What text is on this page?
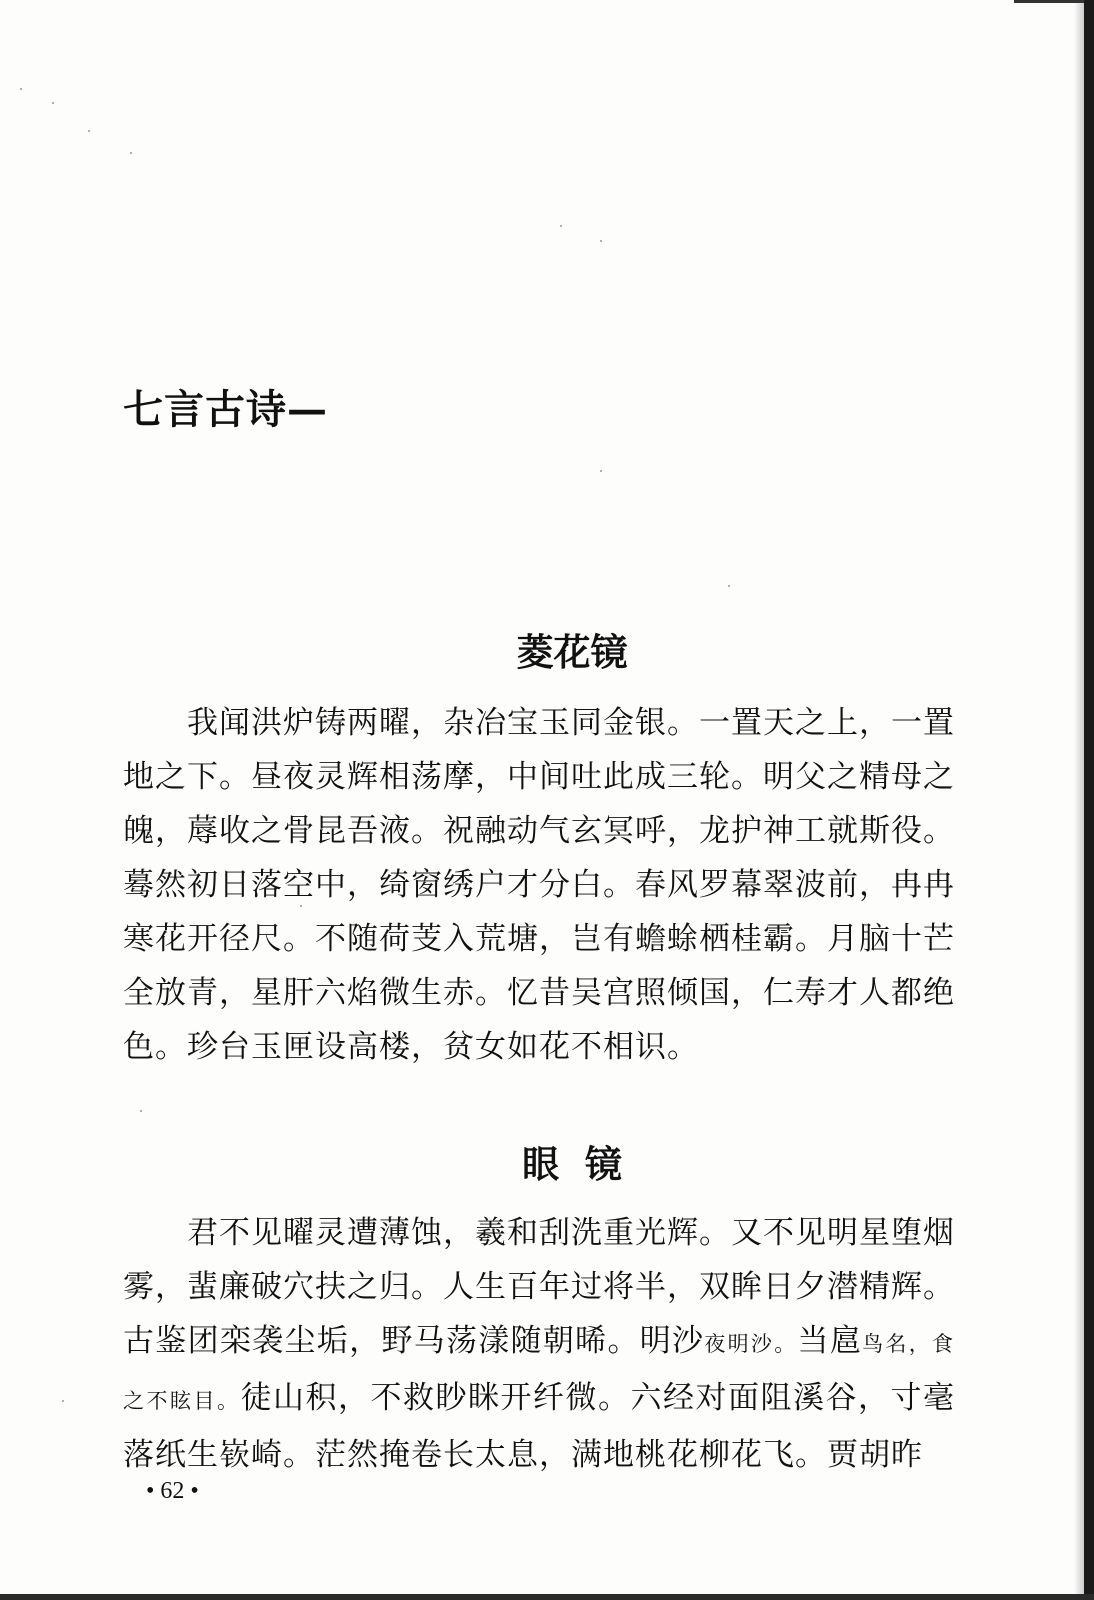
七言古诗—
菱花镜

我闻洪炉铸两曜，杂冶宝玉同金银。一置天之上，一置地之下。昼夜灵辉相荡摩，中间吐此成三轮。明父之精母之魄，蓐收之骨昆吾液。祝融动气玄冥呼，龙护神工就斯役。蓦然初日落空中，绮窗绣户才分白。春风罗幕翠波前，冉冉寒花开径尺。不随荷芰入荒塘，岂有蟾蜍栖桂霸。月脑十芒全放青，星肝六焰微生赤。忆昔吴宫照倾国，仁寿才人都绝色。珍台玉匣设高楼，贫女如花不相识。

眼  镜

君不见曜灵遭薄蚀，羲和刮洗重光辉。又不见明星堕烟雾，蜚廉破穴扶之归。人生百年过将半，双眸日夕潜精辉。古鉴团栾袭尘垢，野马荡漾随朝晞。明沙夜明沙。当扈鸟名，食之不眩目。徒山积，不救眇眯开纤微。六经对面阻溪谷，寸毫落纸生嵚崎。茫然掩卷长太息，满地桃花柳花飞。贾胡昨

• 62 •
